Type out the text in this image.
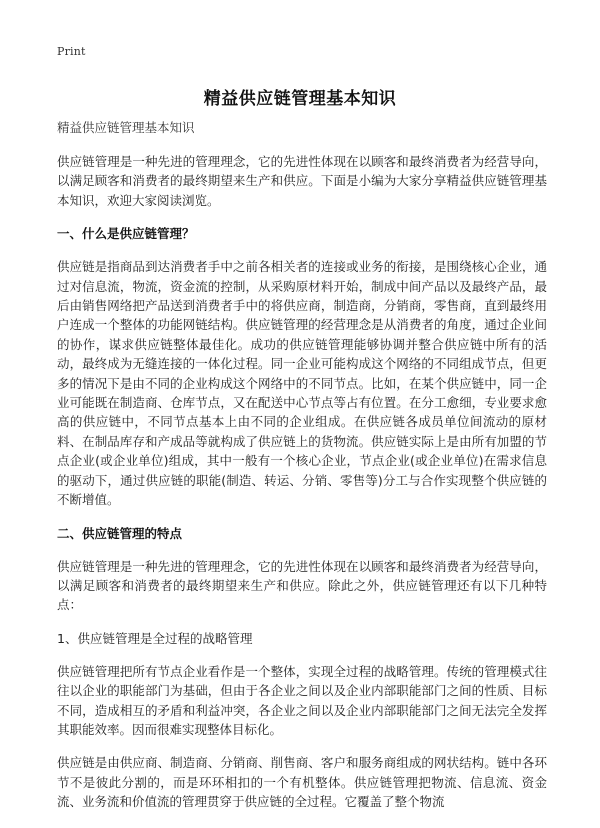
Print
精益供应链管理基本知识

精益供应链管理基本知识

供应链管理是一种先进的管理理念，它的先进性体现在以顾客和最终消费者为经营导向，以满足顾客和消费者的最终期望来生产和供应。下面是小编为大家分享精益供应链管理基本知识，欢迎大家阅读浏览。

一、什么是供应链管理？

供应链是指商品到达消费者手中之前各相关者的连接或业务的衔接，是围绕核心企业，通过对信息流，物流，资金流的控制，从采购原材料开始，制成中间产品以及最终产品，最后由销售网络把产品送到消费者手中的将供应商，制造商，分销商，零售商，直到最终用户连成一个整体的功能网链结构。供应链管理的经营理念是从消费者的角度，通过企业间的协作，谋求供应链整体最佳化。成功的供应链管理能够协调并整合供应链中所有的活动，最终成为无缝连接的一体化过程。同一企业可能构成这个网络的不同组成节点，但更多的情况下是由不同的企业构成这个网络中的不同节点。比如，在某个供应链中，同一企业可能既在制造商、仓库节点，又在配送中心节点等占有位置。在分工愈细，专业要求愈高的供应链中，不同节点基本上由不同的企业组成。在供应链各成员单位间流动的原材料、在制品库存和产成品等就构成了供应链上的货物流。供应链实际上是由所有加盟的节点企业(或企业单位)组成，其中一般有一个核心企业，节点企业(或企业单位)在需求信息的驱动下，通过供应链的职能(制造、转运、分销、零售等)分工与合作实现整个供应链的不断增值。

二、供应链管理的特点

供应链管理是一种先进的管理理念，它的先进性体现在以顾客和最终消费者为经营导向，以满足顾客和消费者的最终期望来生产和供应。除此之外，供应链管理还有以下几种特点：

1、供应链管理是全过程的战略管理

供应链管理把所有节点企业看作是一个整体，实现全过程的战略管理。传统的管理模式往往以企业的职能部门为基础，但由于各企业之间以及企业内部职能部门之间的性质、目标不同，造成相互的矛盾和利益冲突，各企业之间以及企业内部职能部门之间无法完全发挥其职能效率。因而很难实现整体目标化。

供应链是由供应商、制造商、分销商、削售商、客户和服务商组成的网状结构。链中各环节不是彼此分割的，而是环环相扣的一个有机整体。供应链管理把物流、信息流、资金流、业务流和价值流的管理贯穿于供应链的全过程。它覆盖了整个物流
